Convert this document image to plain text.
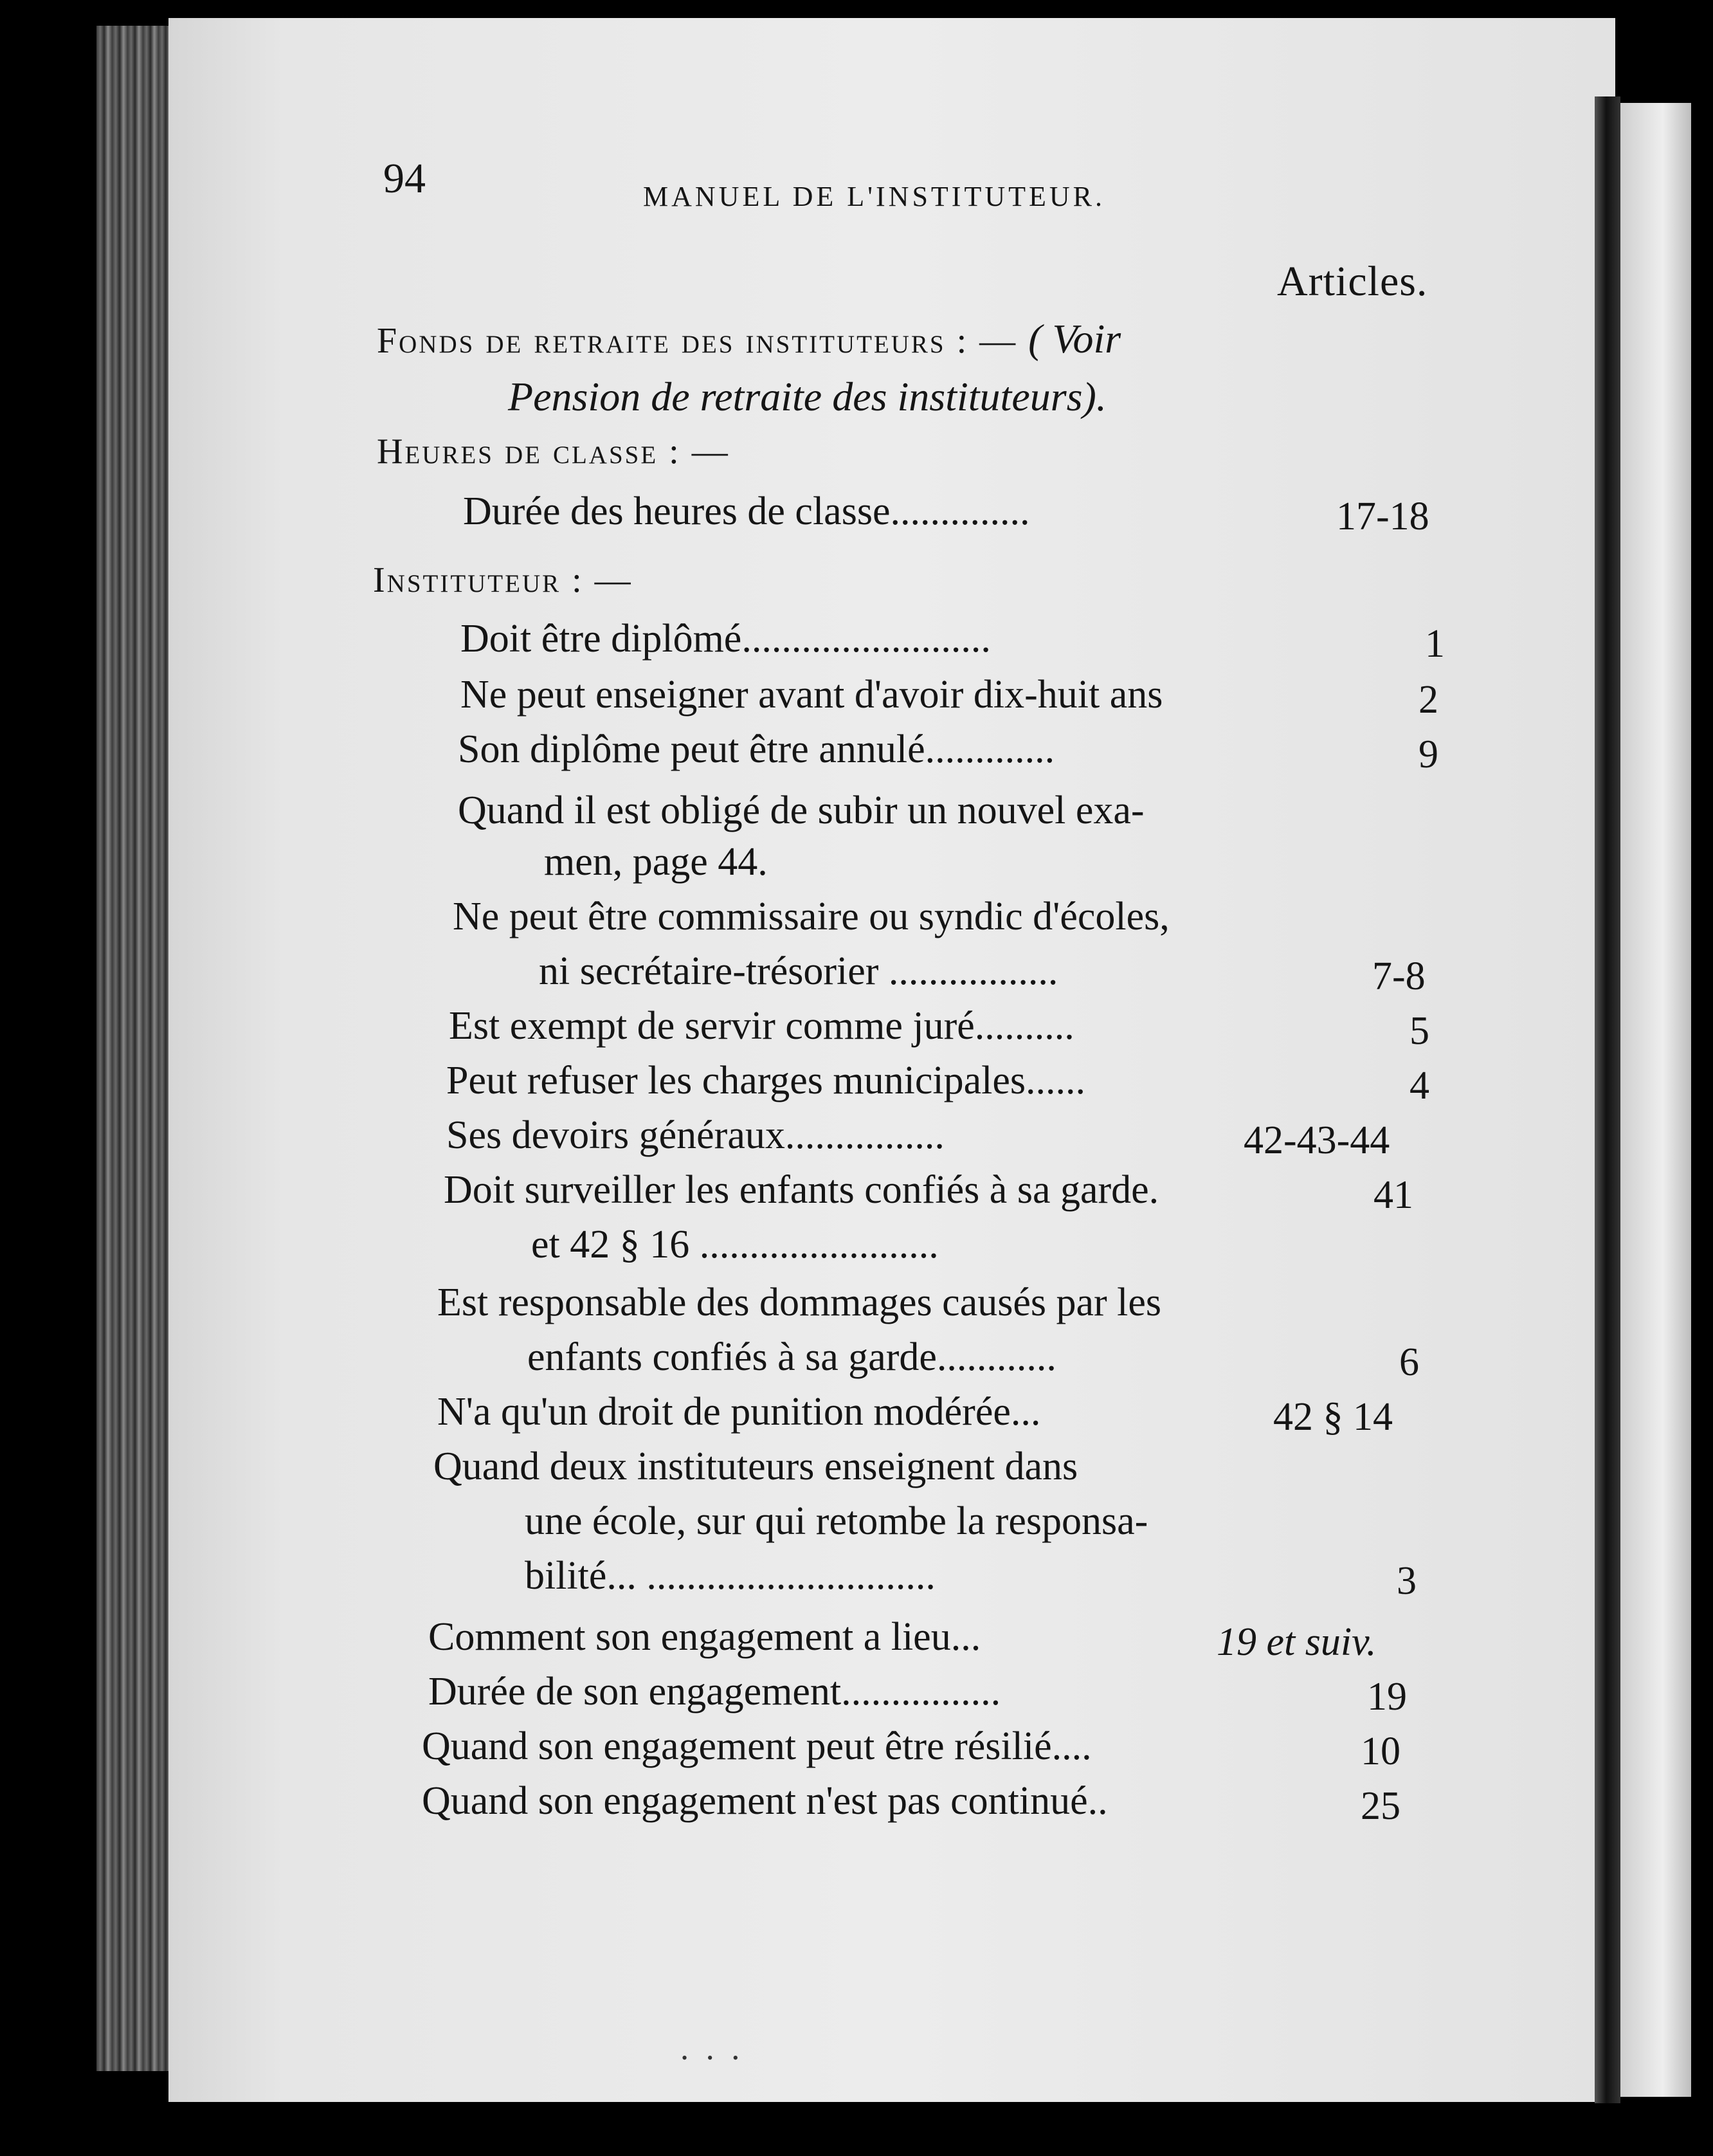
94	MANUEL DE L'INSTITUTEUR.
Articles.
Fonds de retraite des instituteurs : — ( Voir
Pension de retraite des instituteurs).
Heures de classe : —
Durée des heures de classe..............	17-18
Instituteur : —
Doit être diplômé.........................	1
Ne peut enseigner avant d'avoir dix-huit ans	2
Son diplôme peut être annulé.............	9
Quand il est obligé de subir un nouvel exa-
men, page 44.
Ne peut être commissaire ou syndic d'écoles,
ni secrétaire-trésorier .................	7-8
Est exempt de servir comme juré..........	5
Peut refuser les charges municipales......	4
Ses devoirs généraux................	42-43-44
Doit surveiller les enfants confiés à sa garde.	41
et 42 § 16 ........................
Est responsable des dommages causés par les
enfants confiés à sa garde............	6
N'a qu'un droit de punition modérée...	42 § 14
Quand deux instituteurs enseignent dans
une école, sur qui retombe la responsa-
bilité... .............................	3
Comment son engagement a lieu...	19 et suiv.
Durée de son engagement................	19
Quand son engagement peut être résilié....	10
Quand son engagement n'est pas continué..	25
• • •
